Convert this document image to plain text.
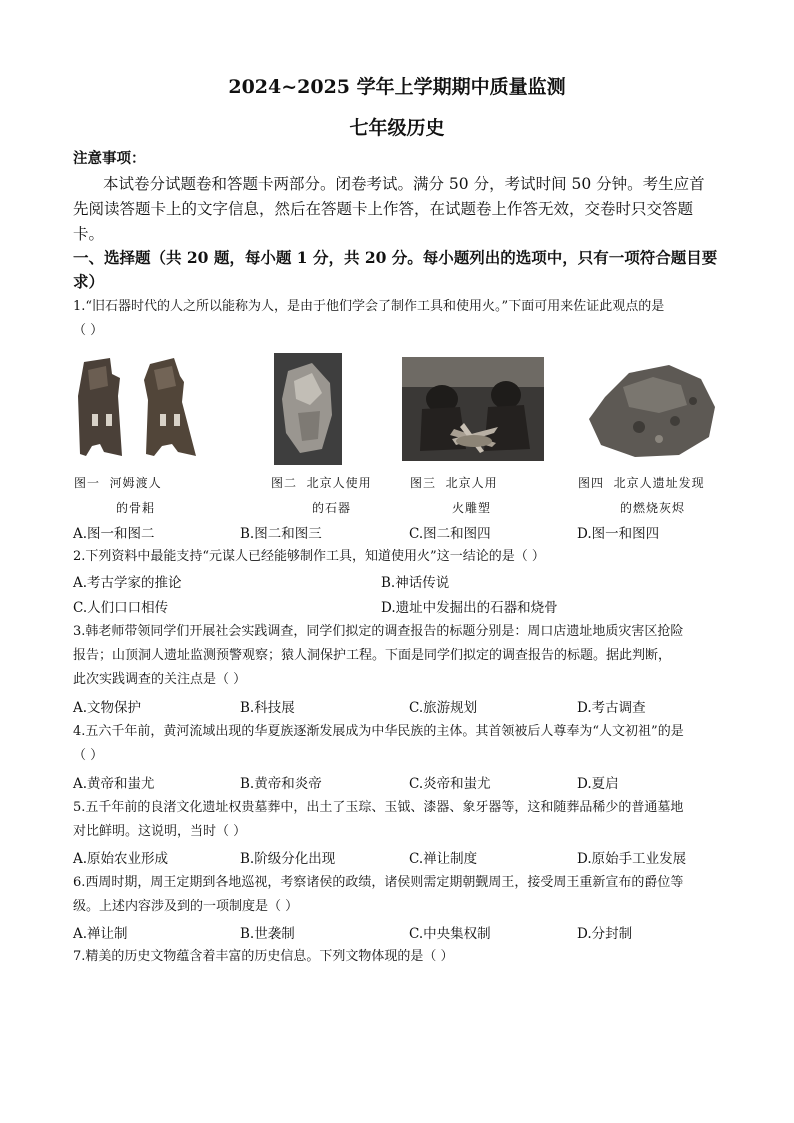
2024~2025 学年上学期期中质量监测
七年级历史
注意事项：
本试卷分试题卷和答题卡两部分。闭卷考试。满分 50 分，考试时间 50 分钟。考生应首
先阅读答题卡上的文字信息，然后在答题卡上作答，在试题卷上作答无效，交卷时只交答题
卡。
一、选择题（共 20 题，每小题 1 分，共 20 分。每小题列出的选项中，只有一项符合题目要
求）
1.“旧石器时代的人之所以能称为人，是由于他们学会了制作工具和使用火。”下面可用来佐证此观点的是
（ ）
图一 河姆渡人
的骨耜
图二 北京人使用
的石器
图三 北京人用
火雕塑
图四 北京人遗址发现
的燃烧灰烬
A.图一和图二	B.图二和图三	C.图二和图四	D.图一和图四
2.下列资料中最能支持“元谋人已经能够制作工具，知道使用火”这一结论的是（ ）
A.考古学家的推论	B.神话传说
C.人们口口相传	D.遗址中发掘出的石器和烧骨
3.韩老师带领同学们开展社会实践调查，同学们拟定的调查报告的标题分别是：周口店遗址地质灾害区抢险
报告；山顶洞人遗址监测预警观察；猿人洞保护工程。下面是同学们拟定的调查报告的标题。据此判断，
此次实践调查的关注点是（ ）
A.文物保护	B.科技展	C.旅游规划	D.考古调查
4.五六千年前，黄河流域出现的华夏族逐渐发展成为中华民族的主体。其首领被后人尊奉为“人文初祖”的是
（ ）
A.黄帝和蚩尤	B.黄帝和炎帝	C.炎帝和蚩尤	D.夏启
5.五千年前的良渚文化遗址权贵墓葬中，出土了玉琮、玉钺、漆器、象牙器等，这和随葬品稀少的普通墓地
对比鲜明。这说明，当时（ ）
A.原始农业形成	B.阶级分化出现	C.禅让制度	D.原始手工业发展
6.西周时期，周王定期到各地巡视，考察诸侯的政绩，诸侯则需定期朝觐周王，接受周王重新宣布的爵位等
级。上述内容涉及到的一项制度是（ ）
A.禅让制	B.世袭制	C.中央集权制	D.分封制
7.精美的历史文物蕴含着丰富的历史信息。下列文物体现的是（ ）
